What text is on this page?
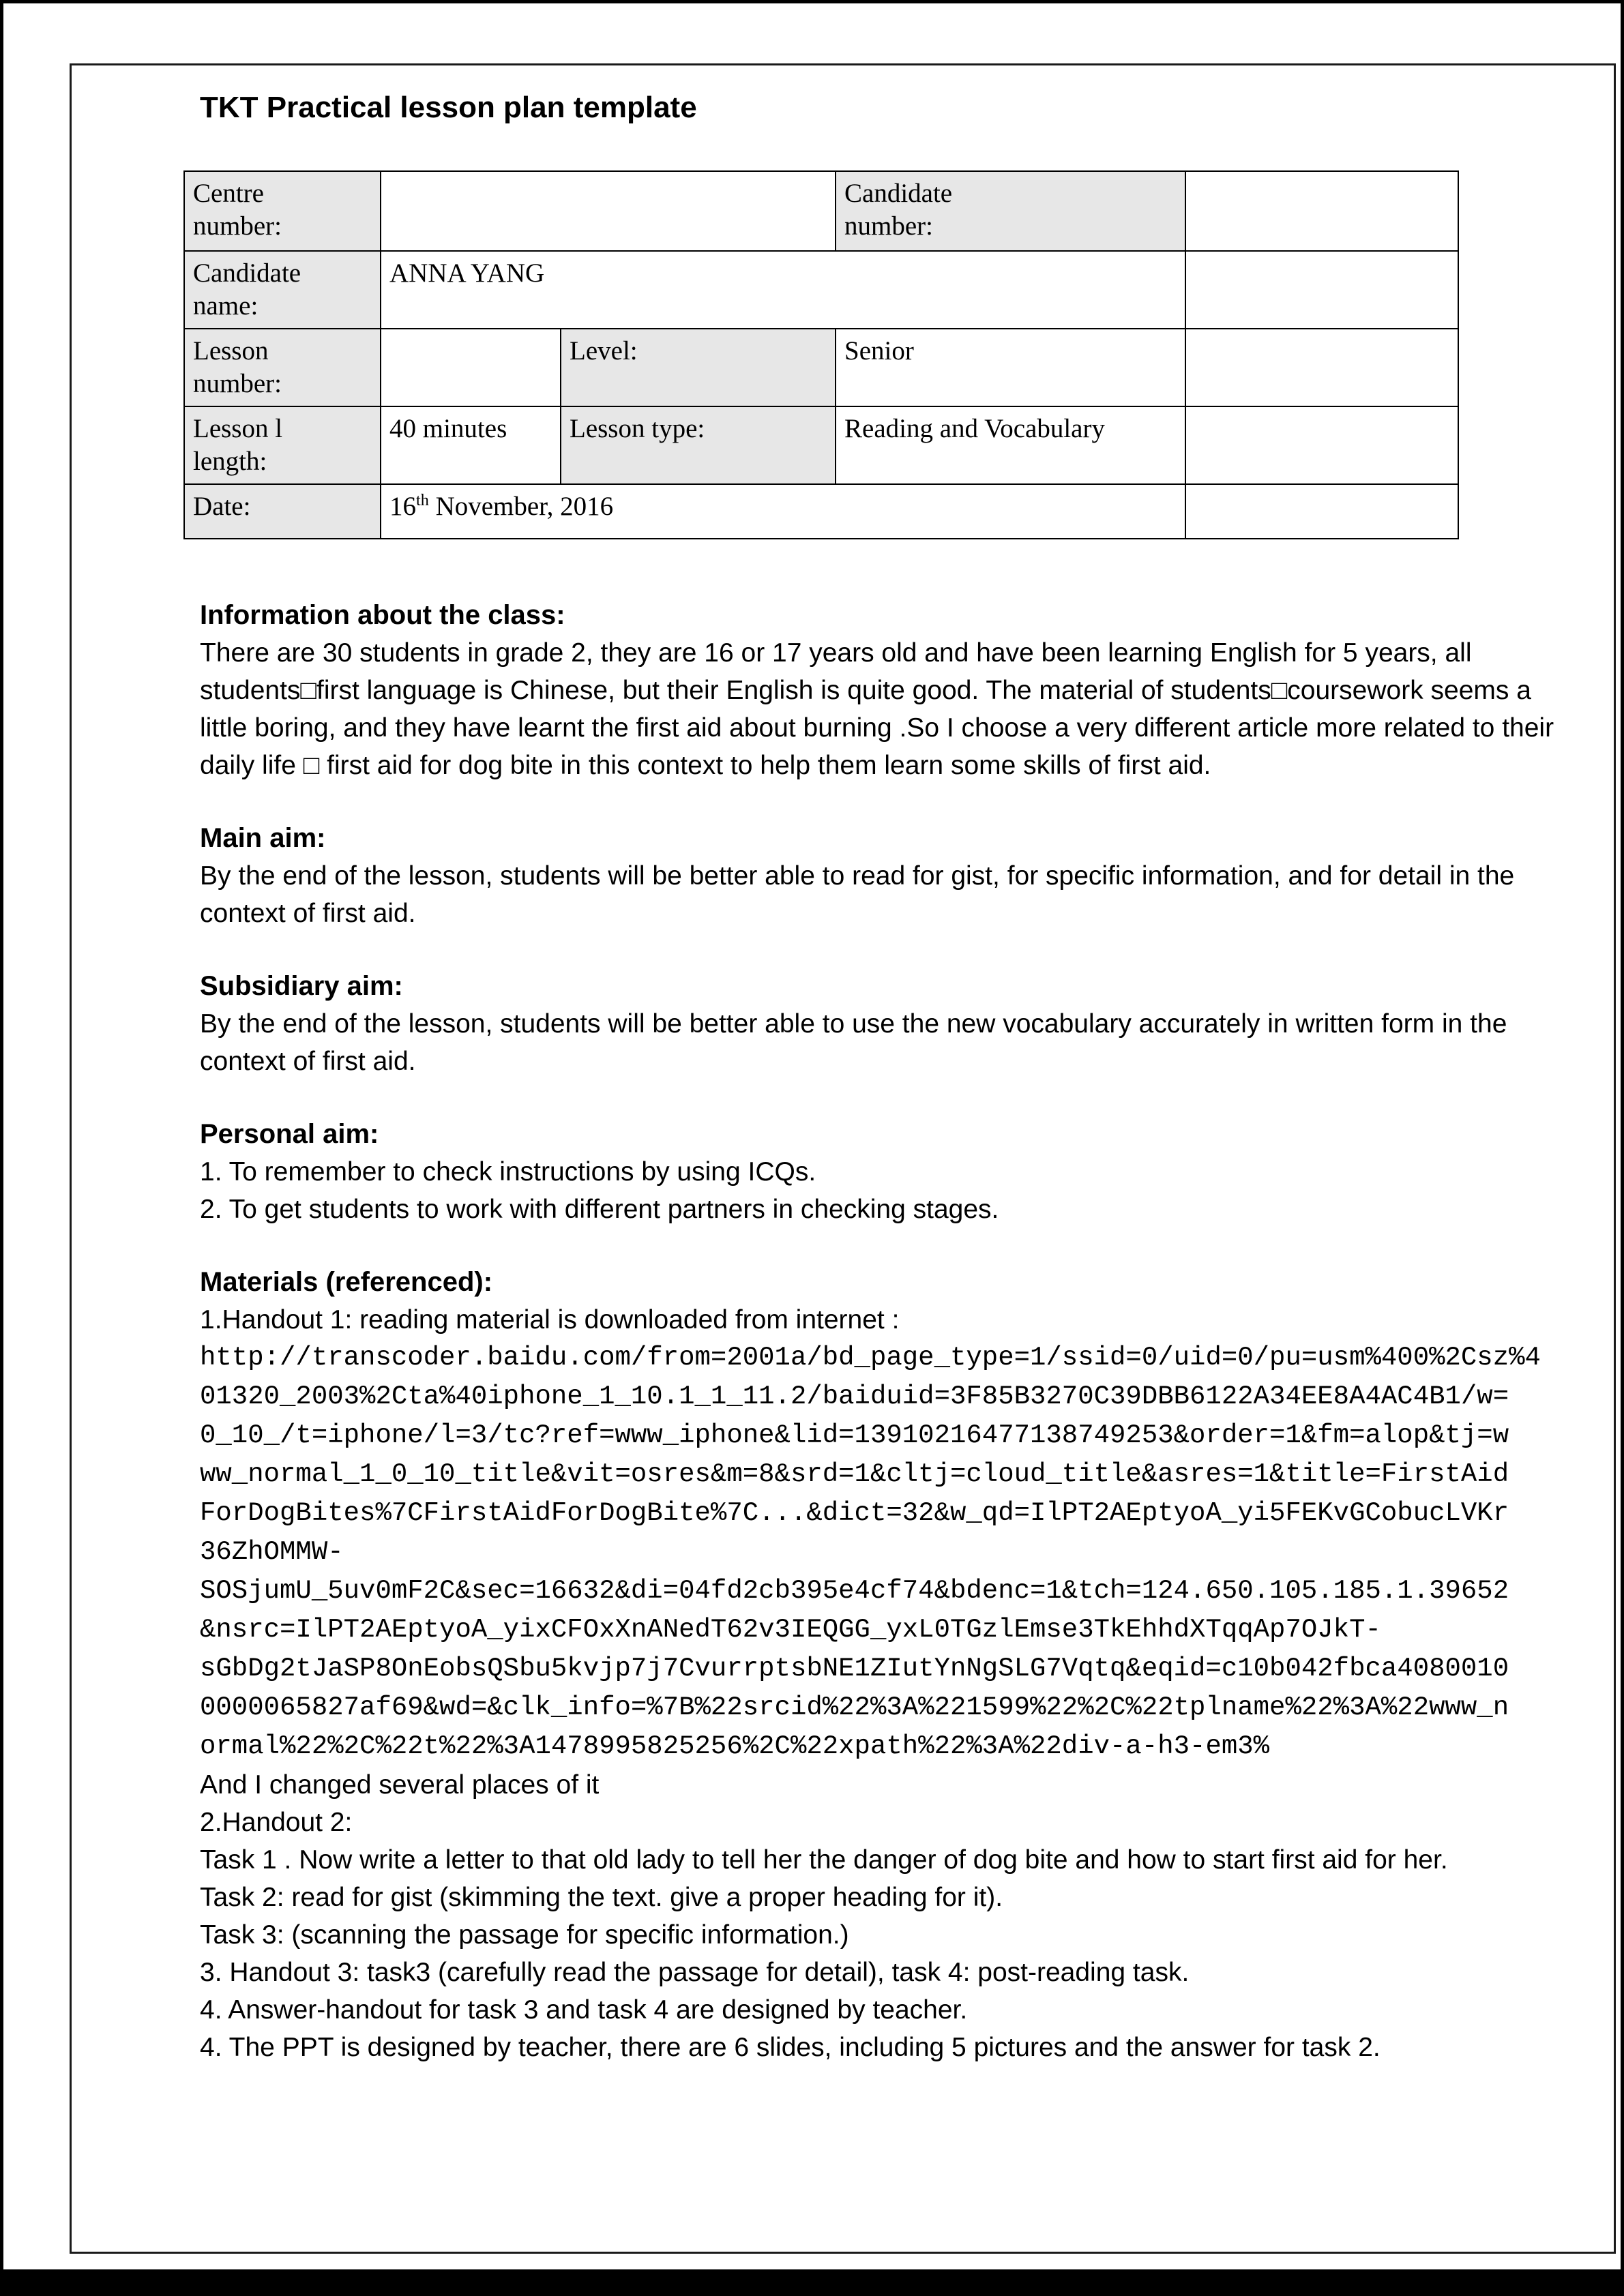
TKT Practical lesson plan template
Centre number:			Candidate number:	
Candidate name:	ANNA YANG			
Lesson number:		Level:	Senior	
Lesson l length:	40 minutes	Lesson type:	Reading and Vocabulary	
Date:	16th November, 2016			
Information about the class:

There are 30 students in grade 2, they are 16 or 17 years old and have been learning English for 5 years, all students□first language is Chinese, but their English is quite good. The material of students□coursework seems a little boring, and they have learnt the first aid about burning .So I choose a very different article more related to their daily life □ first aid for dog bite in this context to help them learn some skills of first aid.

Main aim:

By the end of the lesson, students will be better able to read for gist, for specific information, and for detail in the context of first aid.

Subsidiary aim:

By the end of the lesson, students will be better able to use the new vocabulary accurately in written form in the context of first aid.

Personal aim:

1. To remember to check instructions by using ICQs.

2. To get students to work with different partners in checking stages.

Materials (referenced):

1.Handout 1: reading material is downloaded from internet :

http://transcoder.baidu.com/from=2001a/bd_page_type=1/ssid=0/uid=0/pu=usm%400%2Csz%4
01320_2003%2Cta%40iphone_1_10.1_1_11.2/baiduid=3F85B3270C39DBB6122A34EE8A4AC4B1/w=
0_10_/t=iphone/l=3/tc?ref=www_iphone&lid=13910216477138749253&order=1&fm=alop&tj=w
ww_normal_1_0_10_title&vit=osres&m=8&srd=1&cltj=cloud_title&asres=1&title=FirstAid
ForDogBites%7CFirstAidForDogBite%7C...&dict=32&w_qd=IlPT2AEptyoA_yi5FEKvGCobucLVKr
36ZhOMMW-
SOSjumU_5uv0mF2C&sec=16632&di=04fd2cb395e4cf74&bdenc=1&tch=124.650.105.185.1.39652
&nsrc=IlPT2AEptyoA_yixCFOxXnANedT62v3IEQGG_yxL0TGzlEmse3TkEhhdXTqqAp7OJkT-
sGbDg2tJaSP8OnEobsQSbu5kvjp7j7CvurrptsbNE1ZIutYnNgSLG7Vqtq&eqid=c10b042fbca4080010
0000065827af69&wd=&clk_info=%7B%22srcid%22%3A%221599%22%2C%22tplname%22%3A%22www_n
ormal%22%2C%22t%22%3A1478995825256%2C%22xpath%22%3A%22div-a-h3-em3%

And I changed several places of it

2.Handout 2:

Task 1 . Now write a letter to that old lady to tell her the danger of dog bite and how to start first aid for her.

Task 2: read for gist (skimming the text. give a proper heading for it).

Task 3: (scanning the passage for specific information.)

3. Handout 3: task3 (carefully read the passage for detail), task 4: post-reading task.

4. Answer-handout for task 3 and task 4 are designed by teacher.

4. The PPT is designed by teacher, there are 6 slides, including 5 pictures and the answer for task 2.
